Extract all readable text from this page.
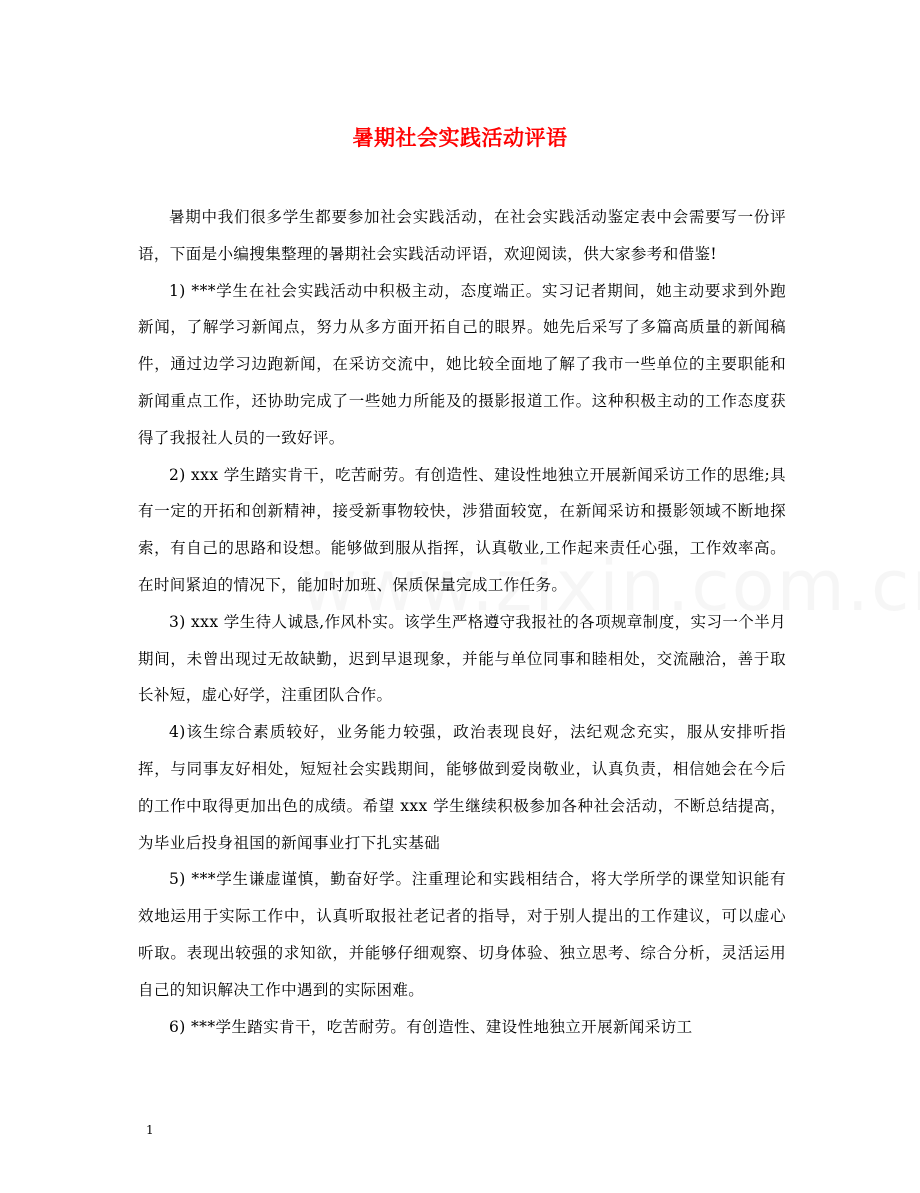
暑期社会实践活动评语

暑期中我们很多学生都要参加社会实践活动，在社会实践活动鉴定表中会需要写一份评语，下面是小编搜集整理的暑期社会实践活动评语，欢迎阅读，供大家参考和借鉴!

1) ***学生在社会实践活动中积极主动，态度端正。实习记者期间，她主动要求到外跑新闻，了解学习新闻点，努力从多方面开拓自己的眼界。她先后采写了多篇高质量的新闻稿件，通过边学习边跑新闻，在采访交流中，她比较全面地了解了我市一些单位的主要职能和新闻重点工作，还协助完成了一些她力所能及的摄影报道工作。这种积极主动的工作态度获得了我报社人员的一致好评。

2) xxx 学生踏实肯干，吃苦耐劳。有创造性、建设性地独立开展新闻采访工作的思维;具有一定的开拓和创新精神，接受新事物较快，涉猎面较宽，在新闻采访和摄影领域不断地探索，有自己的思路和设想。能够做到服从指挥，认真敬业,工作起来责任心强，工作效率高。在时间紧迫的情况下，能加时加班、保质保量完成工作任务。

3) xxx 学生待人诚恳,作风朴实。该学生严格遵守我报社的各项规章制度，实习一个半月期间，未曾出现过无故缺勤，迟到早退现象，并能与单位同事和睦相处，交流融洽，善于取长补短，虚心好学，注重团队合作。

4)该生综合素质较好，业务能力较强，政治表现良好，法纪观念充实，服从安排听指挥，与同事友好相处，短短社会实践期间，能够做到爱岗敬业，认真负责，相信她会在今后的工作中取得更加出色的成绩。希望 xxx 学生继续积极参加各种社会活动，不断总结提高，为毕业后投身祖国的新闻事业打下扎实基础

5) ***学生谦虚谨慎，勤奋好学。注重理论和实践相结合，将大学所学的课堂知识能有效地运用于实际工作中，认真听取报社老记者的指导，对于别人提出的工作建议，可以虚心听取。表现出较强的求知欲，并能够仔细观察、切身体验、独立思考、综合分析，灵活运用自己的知识解决工作中遇到的实际困难。

6) ***学生踏实肯干，吃苦耐劳。有创造性、建设性地独立开展新闻采访工

1
